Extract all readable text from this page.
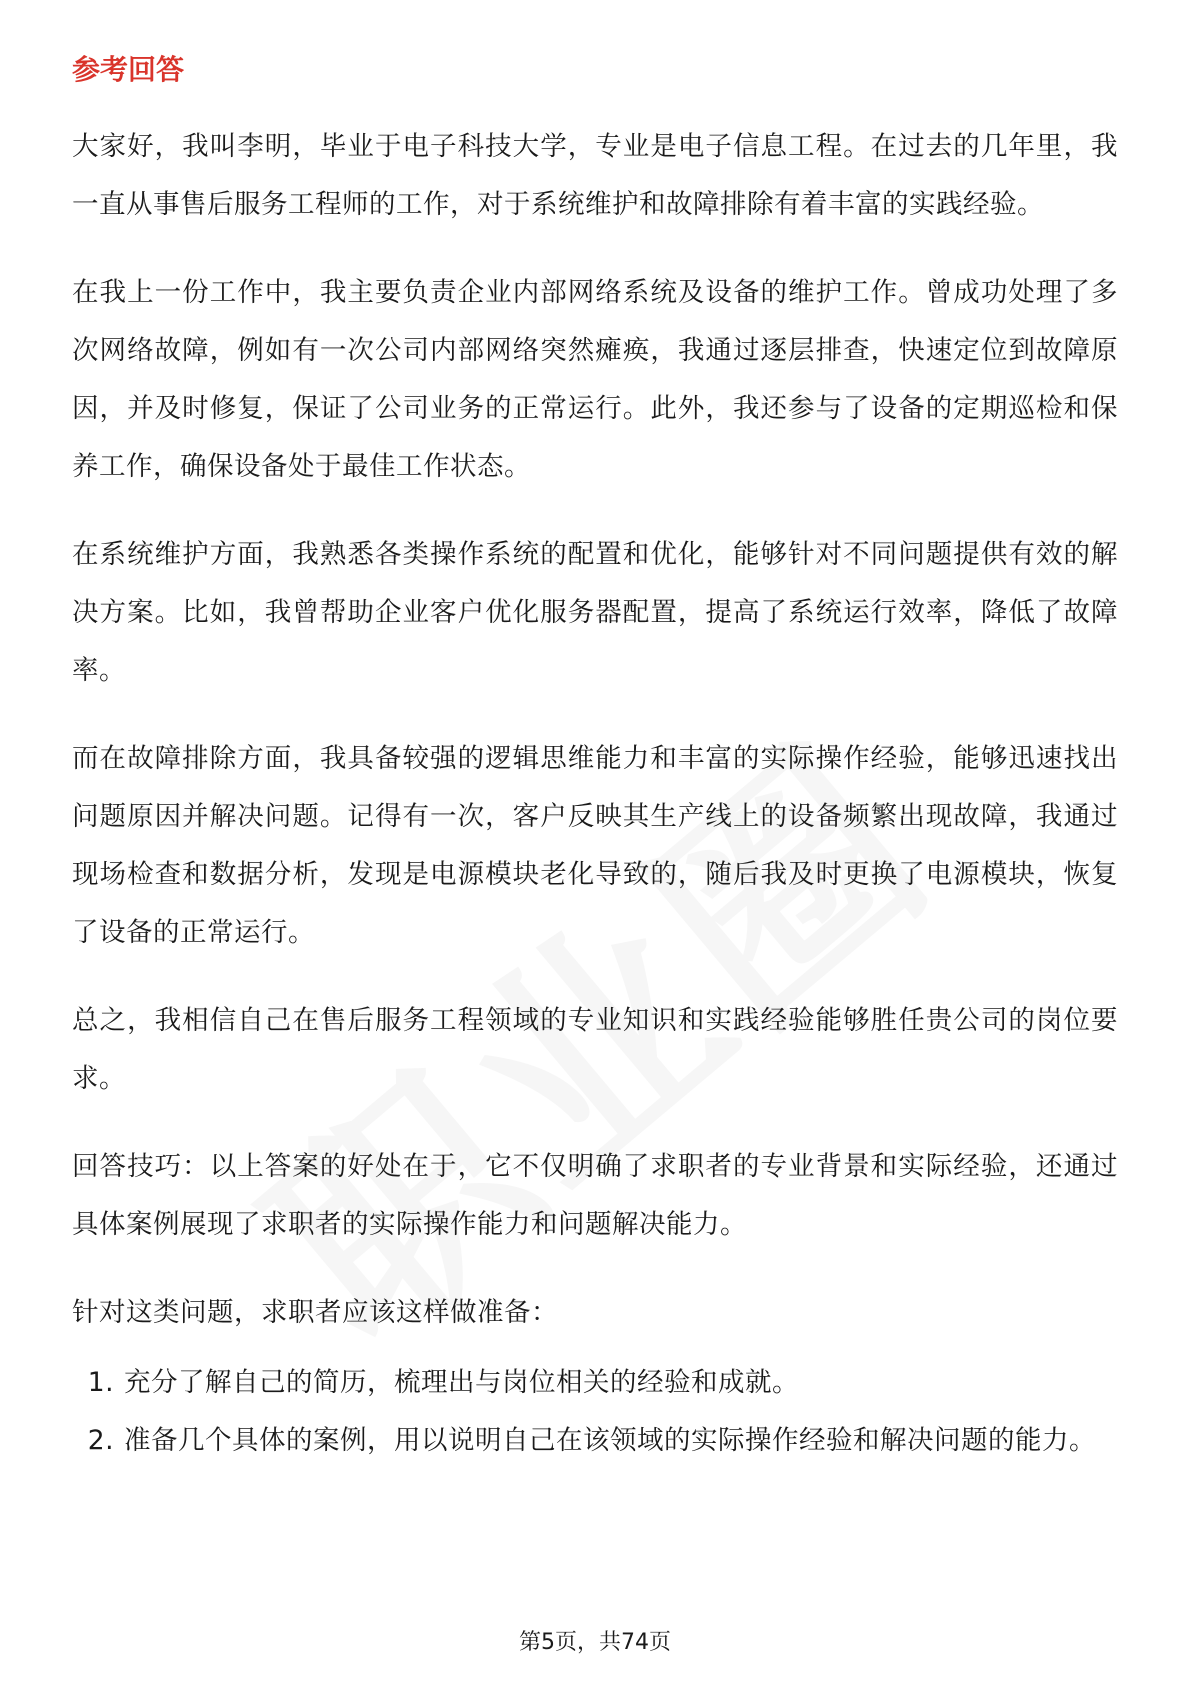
参考回答

大家好，我叫李明，毕业于电子科技大学，专业是电子信息工程。在过去的几年里，我一直从事售后服务工程师的工作，对于系统维护和故障排除有着丰富的实践经验。

在我上一份工作中，我主要负责企业内部网络系统及设备的维护工作。曾成功处理了多次网络故障，例如有一次公司内部网络突然瘫痪，我通过逐层排查，快速定位到故障原因，并及时修复，保证了公司业务的正常运行。此外，我还参与了设备的定期巡检和保养工作，确保设备处于最佳工作状态。

在系统维护方面，我熟悉各类操作系统的配置和优化，能够针对不同问题提供有效的解决方案。比如，我曾帮助企业客户优化服务器配置，提高了系统运行效率，降低了故障率。

而在故障排除方面，我具备较强的逻辑思维能力和丰富的实际操作经验，能够迅速找出问题原因并解决问题。记得有一次，客户反映其生产线上的设备频繁出现故障，我通过现场检查和数据分析，发现是电源模块老化导致的，随后我及时更换了电源模块，恢复了设备的正常运行。

总之，我相信自己在售后服务工程领域的专业知识和实践经验能够胜任贵公司的岗位要求。

回答技巧：以上答案的好处在于，它不仅明确了求职者的专业背景和实际经验，还通过具体案例展现了求职者的实际操作能力和问题解决能力。

针对这类问题，求职者应该这样做准备：

1. 充分了解自己的简历，梳理出与岗位相关的经验和成就。
2. 准备几个具体的案例，用以说明自己在该领域的实际操作经验和解决问题的能力。
第5页，共74页
